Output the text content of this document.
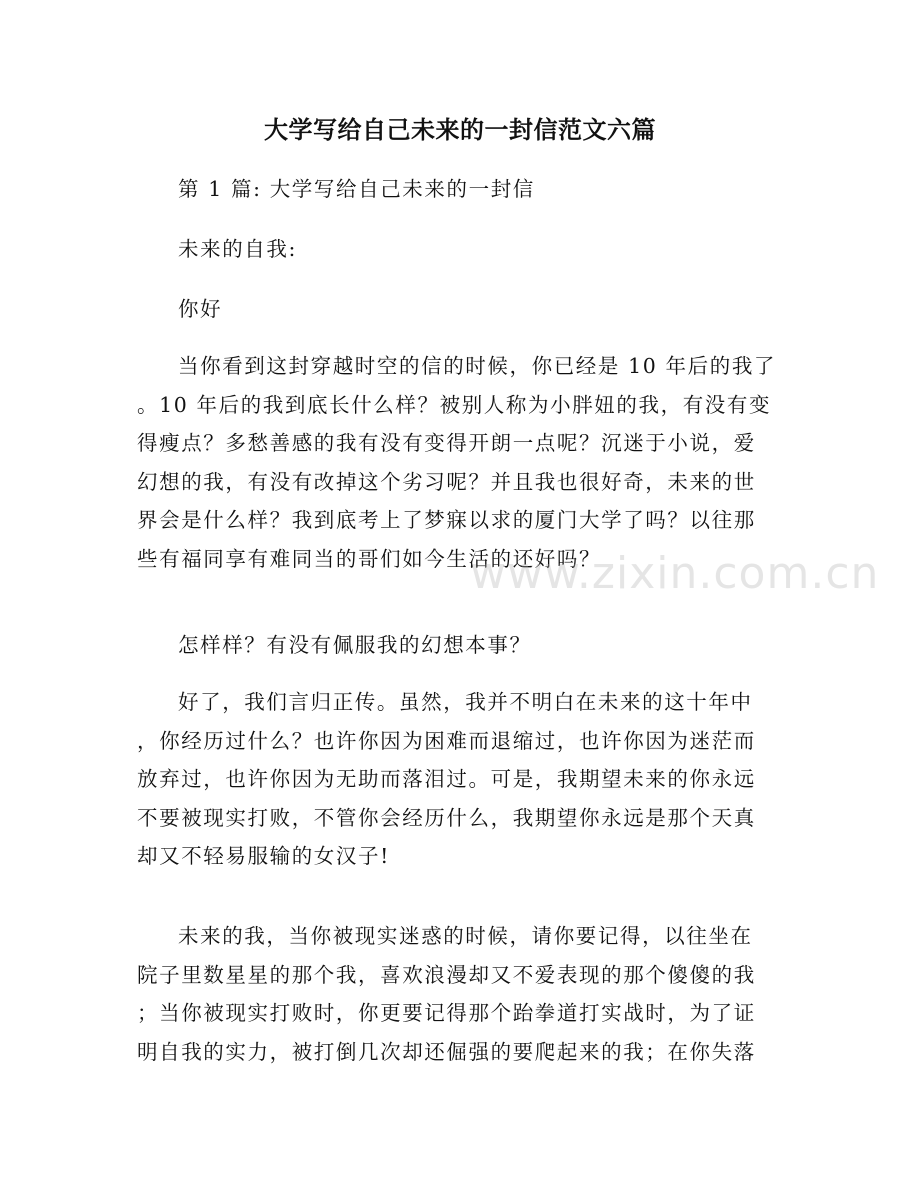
大学写给自己未来的一封信范文六篇
第 1 篇: 大学写给自己未来的一封信
未来的自我:
你好
当你看到这封穿越时空的信的时候，你已经是 10 年后的我了
。10 年后的我到底长什么样？被别人称为小胖妞的我，有没有变
得瘦点？多愁善感的我有没有变得开朗一点呢？沉迷于小说，爱
幻想的我，有没有改掉这个劣习呢？并且我也很好奇，未来的世
界会是什么样？我到底考上了梦寐以求的厦门大学了吗？以往那
些有福同享有难同当的哥们如今生活的还好吗？
怎样样？有没有佩服我的幻想本事？
好了，我们言归正传。虽然，我并不明白在未来的这十年中
，你经历过什么？也许你因为困难而退缩过，也许你因为迷茫而
放弃过，也许你因为无助而落泪过。可是，我期望未来的你永远
不要被现实打败，不管你会经历什么，我期望你永远是那个天真
却又不轻易服输的女汉子!
未来的我，当你被现实迷惑的时候，请你要记得，以往坐在
院子里数星星的那个我，喜欢浪漫却又不爱表现的那个傻傻的我
；当你被现实打败时，你更要记得那个跆拳道打实战时，为了证
明自我的实力，被打倒几次却还倔强的要爬起来的我；在你失落
www.zixin.com.cn
